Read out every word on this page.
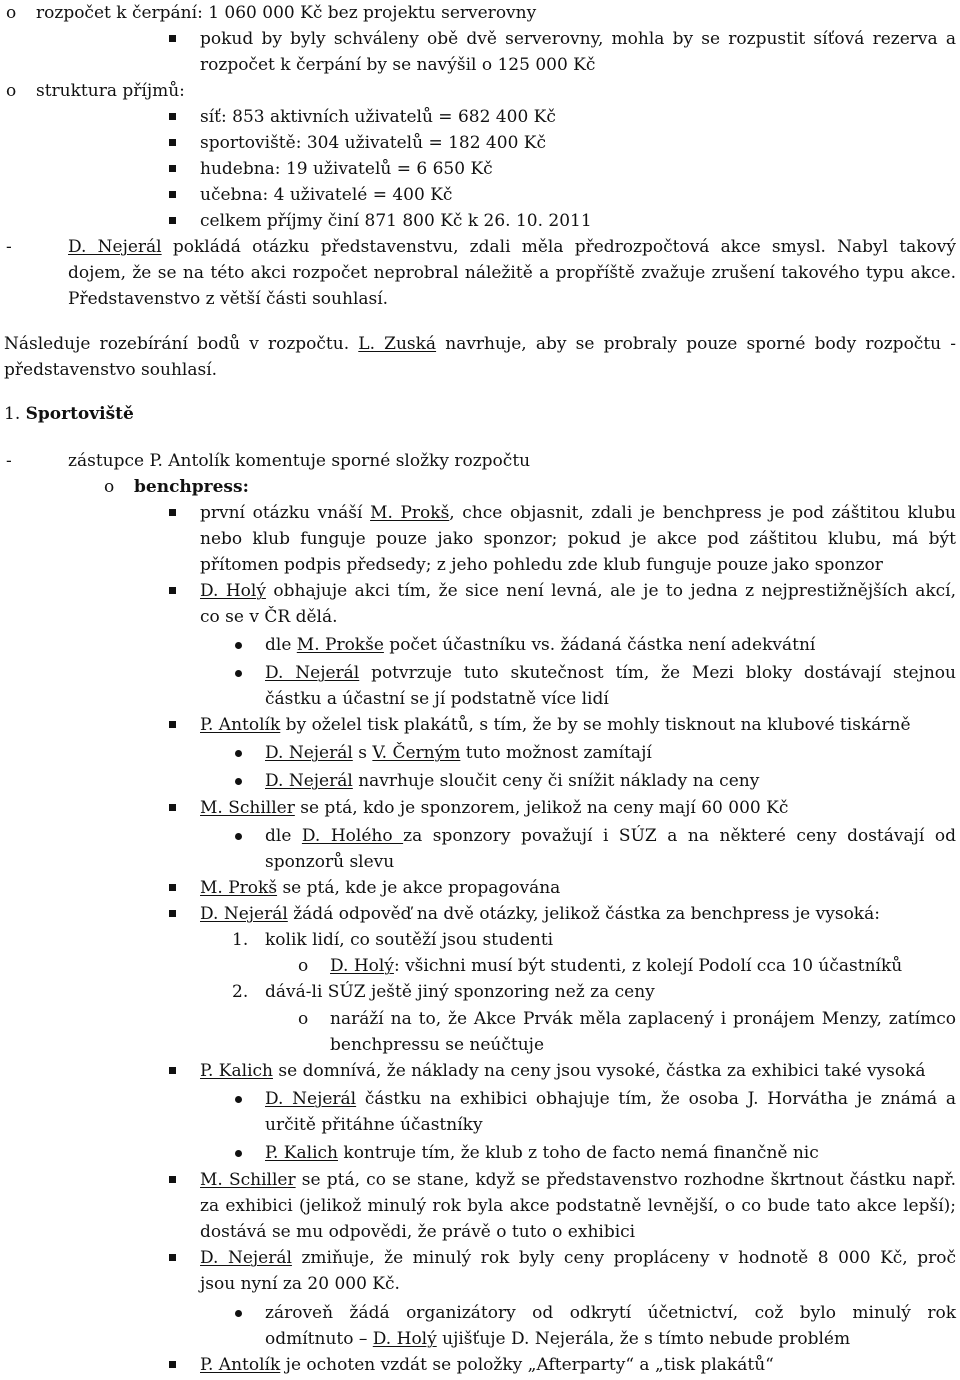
o rozpočet k čerpání: 1 060 000 Kč bez projektu serverovny
pokud by byly schváleny obě dvě serverovny, mohla by se rozpustit síťová rezerva a
rozpočet k čerpání by se navýšil o 125 000 Kč
o struktura příjmů:
síť: 853 aktivních uživatelů = 682 400 Kč
sportoviště: 304 uživatelů = 182 400 Kč
hudebna: 19 uživatelů = 6 650 Kč
učebna: 4 uživatelé = 400 Kč
celkem příjmy činí 871 800 Kč k 26. 10. 2011
-	D. Nejerál pokládá otázku představenstvu, zdali měla předrozpočtová akce smysl. Nabyl takový
dojem, že se na této akci rozpočet neprobral náležitě a propříště zvažuje zrušení takového typu akce.
Představenstvo z větší části souhlasí.
Následuje rozebírání bodů v rozpočtu. L. Zuská navrhuje, aby se probraly pouze sporné body rozpočtu -
představenstvo souhlasí.
1. Sportoviště
-	zástupce P. Antolík komentuje sporné složky rozpočtu
o benchpress:
první otázku vnáší M. Prokš, chce objasnit, zdali je benchpress je pod záštitou klubu
nebo klub funguje pouze jako sponzor; pokud je akce pod záštitou klubu, má být
přítomen podpis předsedy; z jeho pohledu zde klub funguje pouze jako sponzor
D. Holý obhajuje akci tím, že sice není levná, ale je to jedna z nejprestižnějších akcí,
co se v ČR dělá.
dle M. Prokše počet účastníku vs. žádaná částka není adekvátní
D. Nejerál potvrzuje tuto skutečnost tím, že Mezi bloky dostávají stejnou
částku a účastní se jí podstatně více lidí
P. Antolík by oželel tisk plakátů, s tím, že by se mohly tisknout na klubové tiskárně
D. Nejerál s V. Černým tuto možnost zamítají
D. Nejerál navrhuje sloučit ceny či snížit náklady na ceny
M. Schiller se ptá, kdo je sponzorem, jelikož na ceny mají 60 000 Kč
dle D. Holého za sponzory považují i SÚZ a na některé ceny dostávají od
sponzorů slevu
M. Prokš se ptá, kde je akce propagována
D. Nejerál žádá odpověď na dvě otázky, jelikož částka za benchpress je vysoká:
1. kolik lidí, co soutěží jsou studenti
o D. Holý: všichni musí být studenti, z kolejí Podolí cca 10 účastníků
2. dává-li SÚZ ještě jiný sponzoring než za ceny
o naráží na to, že Akce Prvák měla zaplacený i pronájem Menzy, zatímco
benchpressu se neúčtuje
P. Kalich se domnívá, že náklady na ceny jsou vysoké, částka za exhibici také vysoká
D. Nejerál částku na exhibici obhajuje tím, že osoba J. Horvátha je známá a
určitě přitáhne účastníky
P. Kalich kontruje tím, že klub z toho de facto nemá finančně nic
M. Schiller se ptá, co se stane, když se představenstvo rozhodne škrtnout částku např.
za exhibici (jelikož minulý rok byla akce podstatně levnější, o co bude tato akce lepší);
dostává se mu odpovědi, že právě o tuto o exhibici
D. Nejerál zmiňuje, že minulý rok byly ceny propláceny v hodnotě 8 000 Kč, proč
jsou nyní za 20 000 Kč.
zároveň žádá organizátory od odkrytí účetnictví, což bylo minulý rok
odmítnuto – D. Holý ujišťuje D. Nejerála, že s tímto nebude problém
P. Antolík je ochoten vzdát se položky „Afterparty“ a „tisk plakátů“
